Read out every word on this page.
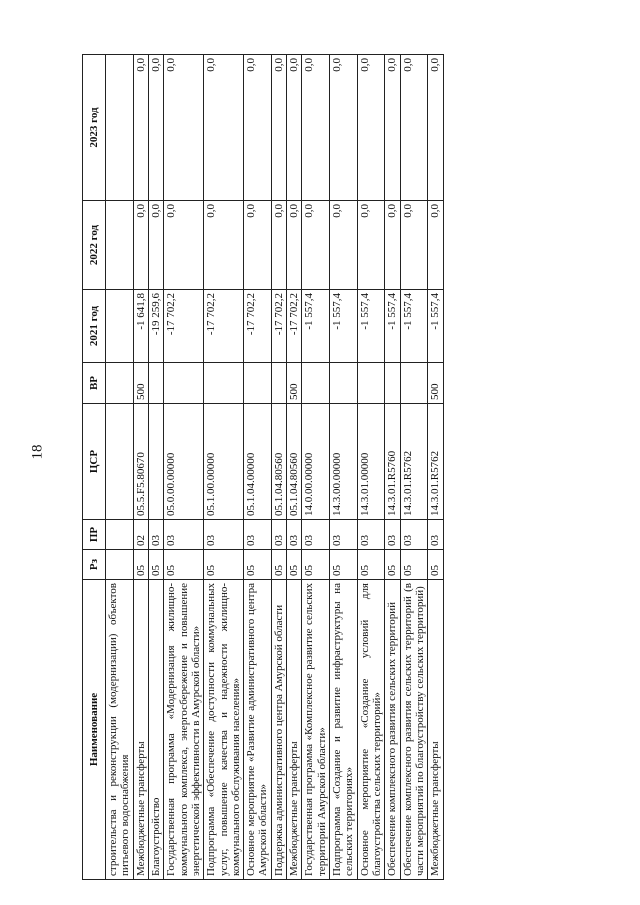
18
Наименование	Рз	ПР	ЦСР	ВР	2021 год	2022 год	2023 год
строительства и реконструкции (модернизации) объектов питьевого водоснабжения							
Межбюджетные трансферты	05	02	05.5.F5.80670	500	-1 641,8	0,0	0,0
Благоустройство	05	03			-19 259,6	0,0	0,0
Государственная программа «Модернизация жилищно-коммунального комплекса, энергосбережение и повышение энергетической эффективности в Амурской области»	05	03	05.0.00.00000		-17 702,2	0,0	0,0
Подпрограмма «Обеспечение доступности коммунальных услуг, повышение качества и надежности жилищно-коммунального обслуживания населения»	05	03	05.1.00.00000		-17 702,2	0,0	0,0
Основное мероприятие «Развитие административного центра Амурской области»	05	03	05.1.04.00000		-17 702,2	0,0	0,0
Поддержка административного центра Амурской области	05	03	05.1.04.80560		-17 702,2	0,0	0,0
Межбюджетные трансферты	05	03	05.1.04.80560	500	-17 702,2	0,0	0,0
Государственная программа «Комплексное развитие сельских территорий Амурской области»	05	03	14.0.00.00000		-1 557,4	0,0	0,0
Подпрограмма «Создание и развитие инфраструктуры на сельских территориях»	05	03	14.3.00.00000		-1 557,4	0,0	0,0
Основное мероприятие «Создание условий для благоустройства сельских территорий»	05	03	14.3.01.00000		-1 557,4	0,0	0,0
Обеспечение комплексного развития сельских территорий	05	03	14.3.01.R5760		-1 557,4	0,0	0,0
Обеспечение комплексного развития сельских территорий (в части мероприятий по благоустройству сельских территорий)	05	03	14.3.01.R5762		-1 557,4	0,0	0,0
Межбюджетные трансферты	05	03	14.3.01.R5762	500	-1 557,4	0,0	0,0
